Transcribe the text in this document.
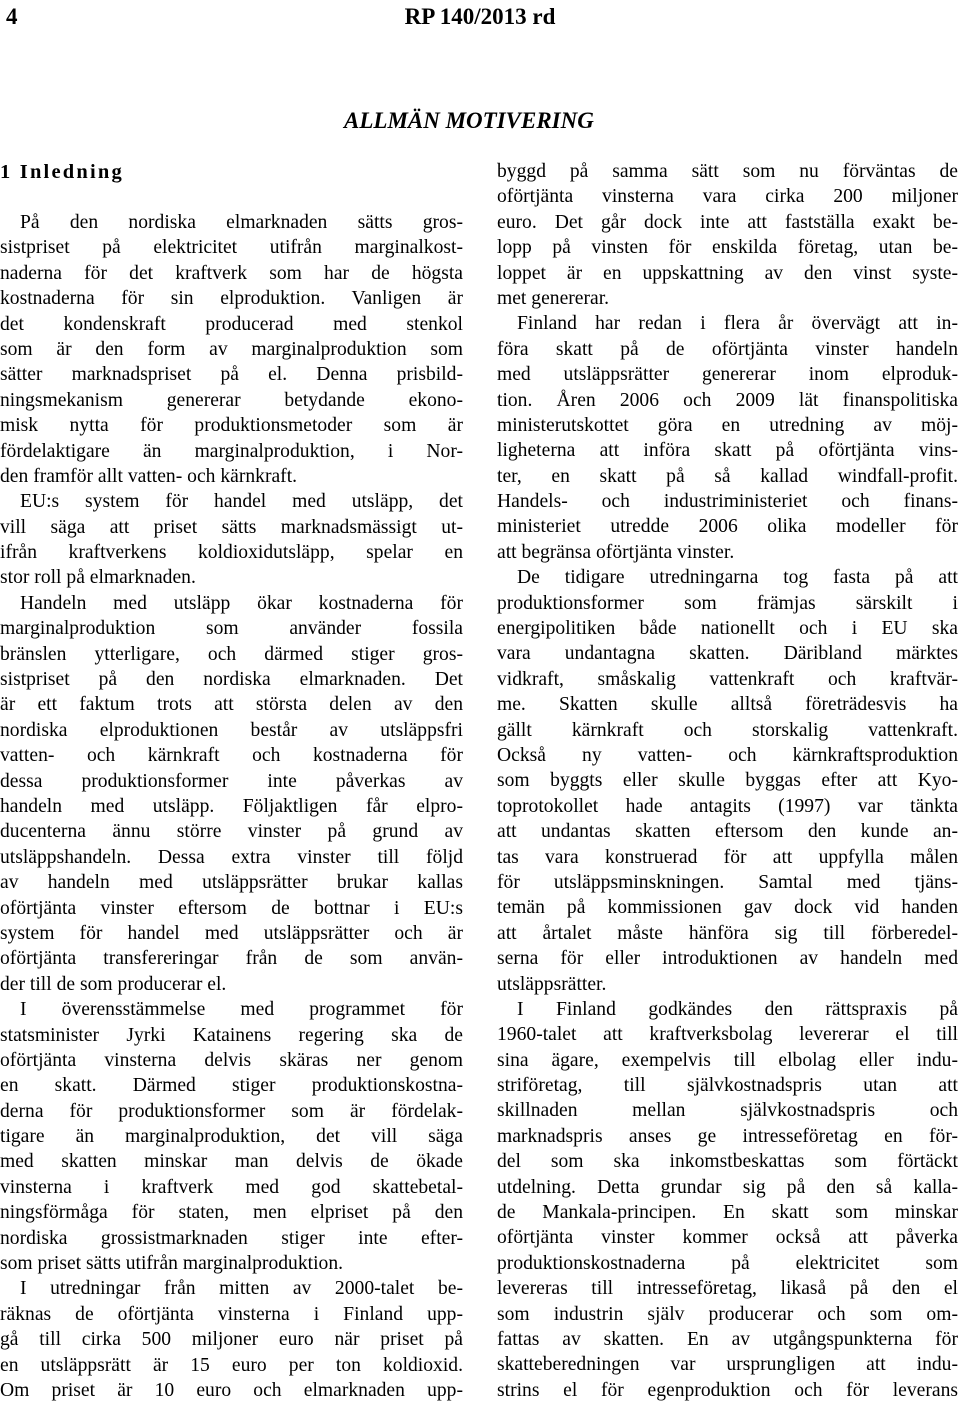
4	RP 140/2013 rd
ALLMÄN MOTIVERING
1 Inledning
På den nordiska elmarknaden sätts gros-
sistpriset på elektricitet utifrån marginalkost-
naderna för det kraftverk som har de högsta
kostnaderna för sin elproduktion. Vanligen är
det kondenskraft producerad med stenkol
som är den form av marginalproduktion som
sätter marknadspriset på el. Denna prisbild-
ningsmekanism genererar betydande ekono-
misk nytta för produktionsmetoder som är
fördelaktigare än marginalproduktion, i Nor-
den framför allt vatten- och kärnkraft.
EU:s system för handel med utsläpp, det
vill säga att priset sätts marknadsmässigt ut-
ifrån kraftverkens koldioxidutsläpp, spelar en
stor roll på elmarknaden.
Handeln med utsläpp ökar kostnaderna för
marginalproduktion som använder fossila
bränslen ytterligare, och därmed stiger gros-
sistpriset på den nordiska elmarknaden. Det
är ett faktum trots att största delen av den
nordiska elproduktionen består av utsläppsfri
vatten- och kärnkraft och kostnaderna för
dessa produktionsformer inte påverkas av
handeln med utsläpp. Följaktligen får elpro-
ducenterna ännu större vinster på grund av
utsläppshandeln. Dessa extra vinster till följd
av handeln med utsläppsrätter brukar kallas
oförtjänta vinster eftersom de bottnar i EU:s
system för handel med utsläppsrätter och är
oförtjänta transfereringar från de som använ-
der till de som producerar el.
I överensstämmelse med programmet för
statsminister Jyrki Katainens regering ska de
oförtjänta vinsterna delvis skäras ner genom
en skatt. Därmed stiger produktionskostna-
derna för produktionsformer som är fördelak-
tigare än marginalproduktion, det vill säga
med skatten minskar man delvis de ökade
vinsterna i kraftverk med god skattebetal-
ningsförmåga för staten, men elpriset på den
nordiska grossistmarknaden stiger inte efter-
som priset sätts utifrån marginalproduktion.
I utredningar från mitten av 2000-talet be-
räknas de oförtjänta vinsterna i Finland upp-
gå till cirka 500 miljoner euro när priset på
en utsläppsrätt är 15 euro per ton koldioxid.
Om priset är 10 euro och elmarknaden upp-
byggd på samma sätt som nu förväntas de
oförtjänta vinsterna vara cirka 200 miljoner
euro. Det går dock inte att fastställa exakt be-
lopp på vinsten för enskilda företag, utan be-
loppet är en uppskattning av den vinst syste-
met genererar.
Finland har redan i flera år övervägt att in-
föra skatt på de oförtjänta vinster handeln
med utsläppsrätter genererar inom elproduk-
tion. Åren 2006 och 2009 lät finanspolitiska
ministerutskottet göra en utredning av möj-
ligheterna att införa skatt på oförtjänta vins-
ter, en skatt på så kallad windfall-profit.
Handels- och industriministeriet och finans-
ministeriet utredde 2006 olika modeller för
att begränsa oförtjänta vinster.
De tidigare utredningarna tog fasta på att
produktionsformer som främjas särskilt i
energipolitiken både nationellt och i EU ska
vara undantagna skatten. Däribland märktes
vidkraft, småskalig vattenkraft och kraftvär-
me. Skatten skulle alltså företrädesvis ha
gällt kärnkraft och storskalig vattenkraft.
Också ny vatten- och kärnkraftsproduktion
som byggts eller skulle byggas efter att Kyo-
toprotokollet hade antagits (1997) var tänkta
att undantas skatten eftersom den kunde an-
tas vara konstruerad för att uppfylla målen
för utsläppsminskningen. Samtal med tjäns-
temän på kommissionen gav dock vid handen
att årtalet måste hänföra sig till förberedel-
serna för eller introduktionen av handeln med
utsläppsrätter.
I Finland godkändes den rättspraxis på
1960-talet att kraftverksbolag levererar el till
sina ägare, exempelvis till elbolag eller indu-
striföretag, till självkostnadspris utan att
skillnaden mellan självkostnadspris och
marknadspris anses ge intresseföretag en för-
del som ska inkomstbeskattas som förtäckt
utdelning. Detta grundar sig på den så kalla-
de Mankala-principen. En skatt som minskar
oförtjänta vinster kommer också att påverka
produktionskostnaderna på elektricitet som
levereras till intresseföretag, likaså på den el
som industrin själv producerar och som om-
fattas av skatten. En av utgångspunkterna för
skatteberedningen var ursprungligen att indu-
strins el för egenproduktion och för leverans
